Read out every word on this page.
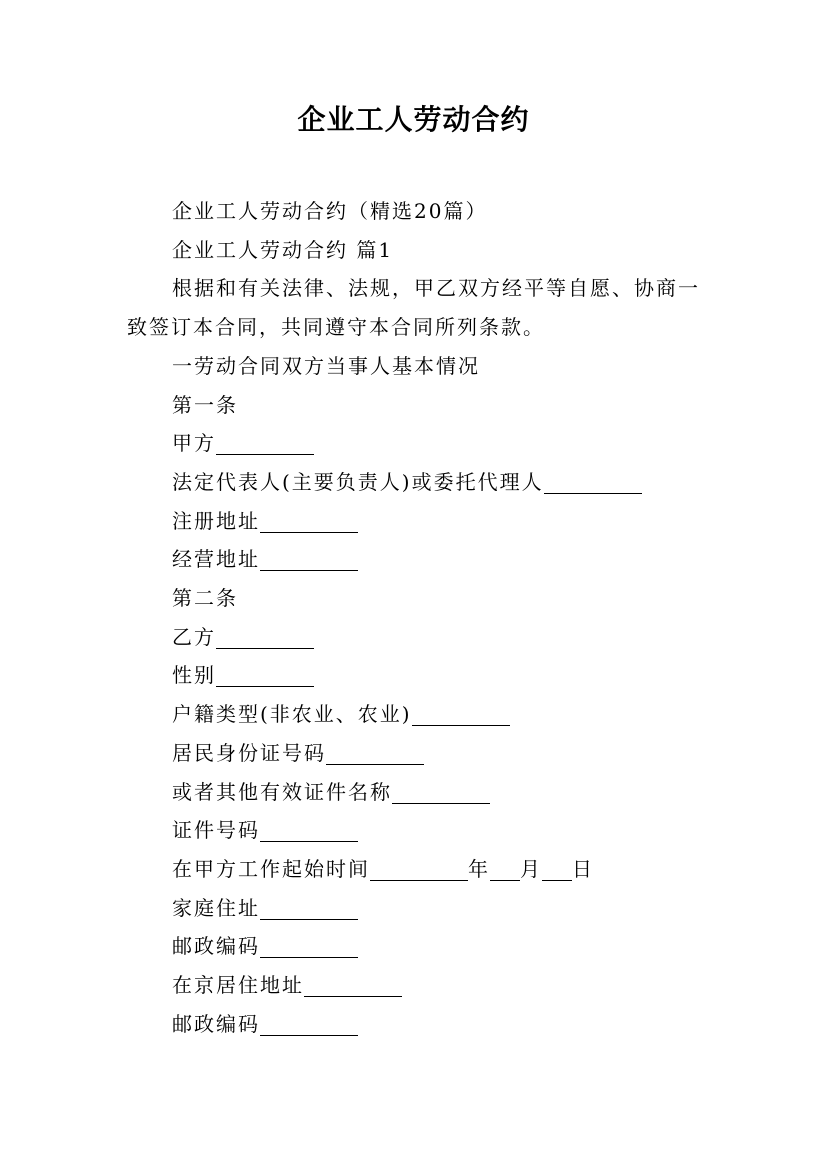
企业工人劳动合约

企业工人劳动合约（精选20篇）

企业工人劳动合约 篇1

根据和有关法律、法规，甲乙双方经平等自愿、协商一致签订本合同，共同遵守本合同所列条款。

一劳动合同双方当事人基本情况

第一条

甲方

法定代表人(主要负责人)或委托代理人

注册地址

经营地址

第二条

乙方

性别

户籍类型(非农业、农业)

居民身份证号码

或者其他有效证件名称

证件号码

在甲方工作起始时间	年 月 日

家庭住址

邮政编码

在京居住地址

邮政编码
